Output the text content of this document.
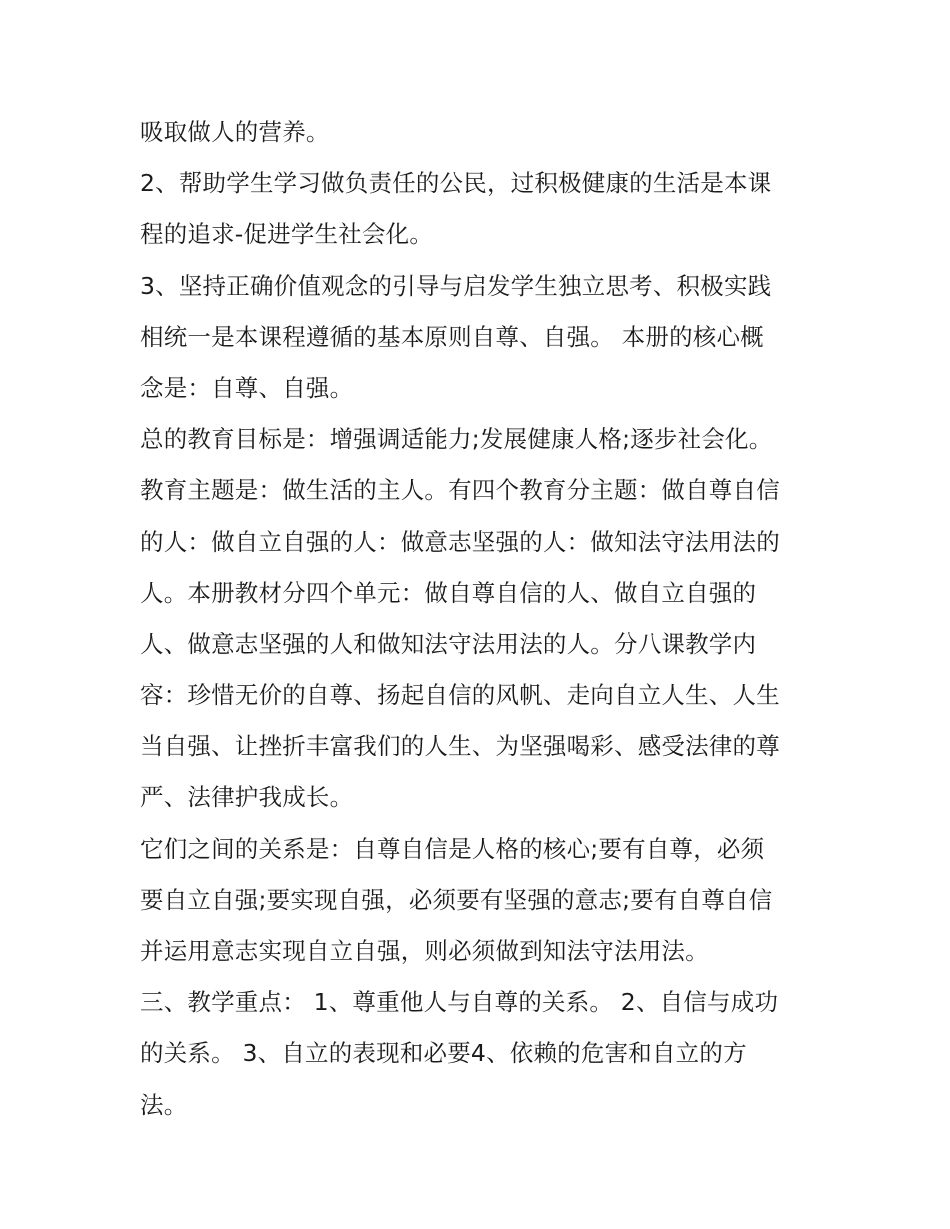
吸取做人的营养。
2、帮助学生学习做负责任的公民，过积极健康的生活是本课
程的追求-促进学生社会化。
3、坚持正确价值观念的引导与启发学生独立思考、积极实践
相统一是本课程遵循的基本原则自尊、自强。 本册的核心概
念是：自尊、自强。
总的教育目标是：增强调适能力;发展健康人格;逐步社会化。
教育主题是：做生活的主人。有四个教育分主题：做自尊自信
的人：做自立自强的人：做意志坚强的人：做知法守法用法的
人。本册教材分四个单元：做自尊自信的人、做自立自强的
人、做意志坚强的人和做知法守法用法的人。分八课教学内
容：珍惜无价的自尊、扬起自信的风帆、走向自立人生、人生
当自强、让挫折丰富我们的人生、为坚强喝彩、感受法律的尊
严、法律护我成长。
它们之间的关系是：自尊自信是人格的核心;要有自尊，必须
要自立自强;要实现自强，必须要有坚强的意志;要有自尊自信
并运用意志实现自立自强，则必须做到知法守法用法。
三、教学重点： 1、尊重他人与自尊的关系。 2、自信与成功
的关系。 3、自立的表现和必要4、依赖的危害和自立的方
法。
